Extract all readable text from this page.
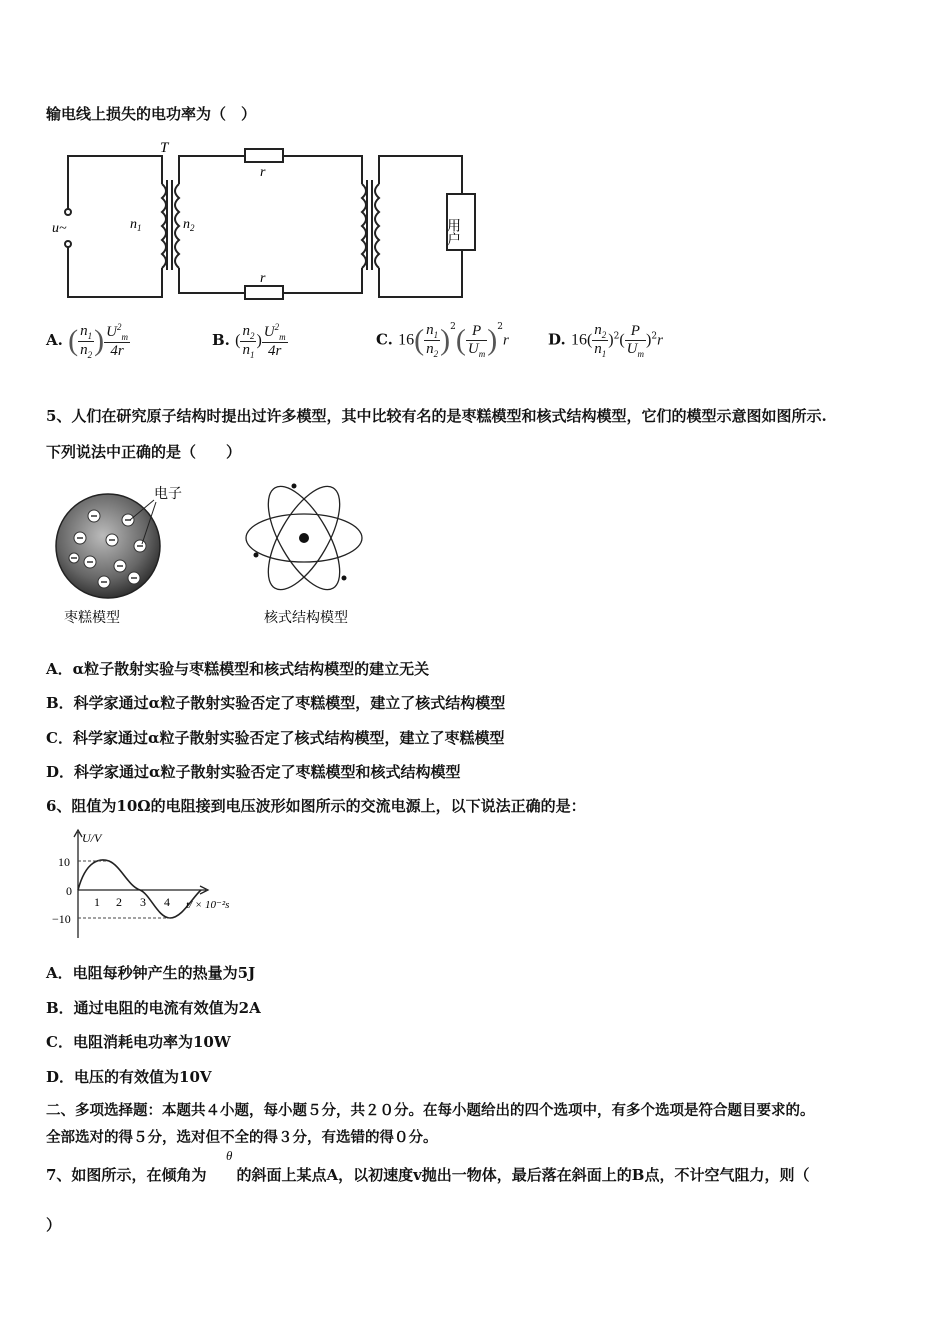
输电线上损失的电功率为（　）
T
u~	$n_1$	$n_2$
r
r
用户
A. ( $\frac{n_1}{n_2}$ ) $\frac{U^2_m}{4r}$	B. ( $\frac{n_2}{n_1}$ ) $\frac{U^2_m}{4r}$	C. $16( \frac{n_1}{n_2} )^2( \frac{P}{U_m} )^2r$	D. $16( \frac{n_2}{n_1} )^2( \frac{P}{U_m} )^2r$
5、人们在研究原子结构时提出过许多模型，其中比较有名的是枣糕模型和核式结构模型，它们的模型示意图如图所示.
下列说法中正确的是（　　）
电子
枣糕模型	核式结构模型
A．α粒子散射实验与枣糕模型和核式结构模型的建立无关
B．科学家通过α粒子散射实验否定了枣糕模型，建立了核式结构模型
C．科学家通过α粒子散射实验否定了核式结构模型，建立了枣糕模型
D．科学家通过α粒子散射实验否定了枣糕模型和核式结构模型
6、阻值为10Ω的电阻接到电压波形如图所示的交流电源上，以下说法正确的是：
U/V
10
0
−10
1 2 3 4 t/ × 10⁻²s
A．电阻每秒钟产生的热量为5J
B．通过电阻的电流有效值为2A
C．电阻消耗电功率为10W
D．电压的有效值为10V
二、多项选择题：本题共４小题，每小题５分，共２０分。在每小题给出的四个选项中，有多个选项是符合题目要求的。
全部选对的得５分，选对但不全的得３分，有选错的得０分。
7、如图所示，在倾角为　　的斜面上某点A，以初速度v抛出一物体，最后落在斜面上的B点，不计空气阻力，则（
θ
）
